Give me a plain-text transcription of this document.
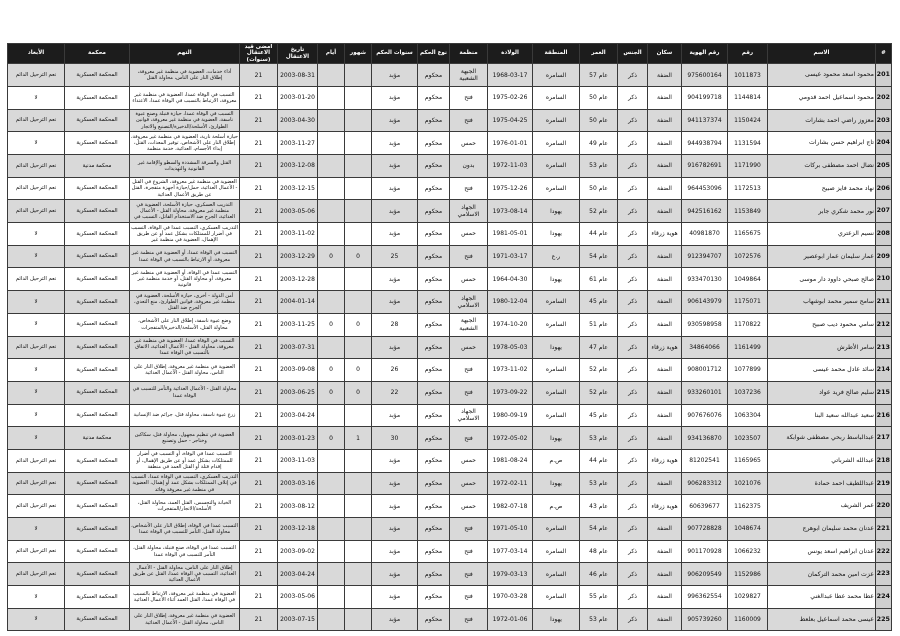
#	الاسم	رقم	رقم الهوية	سكان	الجنس	العمر	المنطقة	الولادة	منظمة	نوع الحكم	سنوات الحكم	شهور	أيام	تاريخ الاعتقال	أمضى قيد الاعتقال (سنوات)	التهم	محكمة	الأبعاد
201	محمود اسعد محمود عيسى	1011873	975600164	الضفة	ذكر	عام 57	السامره	1968-03-17	الجبهة الشعبية	محكوم	مؤبد			2003-08-31	21	أداء خدمات، العضوية في منظمة غير معروفة، إطلاق النار على الناس، محاولة القتل	المحكمة العسكرية	نعم الترحيل الدائم
202	محمود اسماعيل احمد قدومي	1144814	904199718	الضفة	ذكر	عام 50	السامره	1975-02-26	فتح	محكوم	مؤبد			2003-01-20	21	التسبب في الوفاة عمدا، العضوية في منظمة غير معروفة، الارتباط بالتسبب في الوفاة عمدا، الاعتداء	المحكمة العسكرية	لا
203	معزوز راضي احمد بشارات	1150424	941137374	الضفة	ذكر	عام 50	السامره	1975-04-25	فتح	محكوم	مؤبد			2003-04-30	21	التسبب في الوفاة عمدا، حيازة قنبلة وصنع عبوة ناسفة، العضوية في منظمة غير معروفة، قوانين الطوارئ، الأسلحة/الذخيرة/التصنيع والاتجار	المحكمة العسكرية	نعم الترحيل الدائم
204	تاج ابراهيم حسن بشارات	1131594	944938794	الضفة	ذكر	عام 49	السامره	1976-01-01	حمس	محكوم	مؤبد			2003-11-27	21	حيازة أسلحة نارية، العضوية في منظمة غير معروفة، إطلاق النار على الأشخاص، توفير المعدات، القتل، إيذاء الأجسام، العدائية، خدمة منظمة	المحكمة العسكرية	لا
205	نضال احمد مصطفى بركات	1171990	916782691	الضفة	ذكر	عام 53	السامره	1972-11-03	بدون	محكوم	مؤبد			2003-12-08	21	القتل والسرقة المشددة والسطو والإقامة غير القانونية والتهديدات	محكمة مدنية	نعم الترحيل الدائم
206	نهاد محمد فايز صبيح	1172513	964453096	الضفة	ذكر	عام 50	السامره	1975-12-26	فتح	محكوم	مؤبد			2003-12-15	21	العضوية في منظمة غير معروفة، الشروع في القتل - الأعمال العدائية، حمل/حيازة أجهزة متفجرة، القتل عن طريق الأعمال العدائية	المحكمة العسكرية	نعم الترحيل الدائم
207	نور محمد شكري جابر	1153849	942516162	الضفة	ذكر	عام 52	يهودا	1973-08-14	الجهاد الاسلامي	محكوم	مؤبد			2003-05-06	21	التدريب العسكري، حيازة الأسلحة، العضوية في منظمة غير معروفة، محاولة القتل - الأعمال العدائية، الجرح ضد الاستخدام القاتل، التسبب في	المحكمة العسكرية	نعم الترحيل الدائم
208	نسيم الزعتري	1165675	40981870	هوية زرقاء	ذكر	عام 44	يهودا	1981-05-01	حمس	محكوم	مؤبد			2003-11-02	21	التدريب العسكري، التسبب عمدا في الوفاة، التسبب في أضرار للممتلكات بشكل عمد أو عن طريق الإهمال، العضوية في منظمة غير	المحكمة العسكرية	لا
209	عمار سليمان عمار ابوعصير	1072576	912394707	الضفة	ذكر	عام 54	ر.ع	1971-03-17	فتح	محكوم	25	0	0	2003-12-29	21	التسبب في الوفاة عمدا، أو العضوية في منظمة غير معروفة، أو الارتباط بالتسبب في الوفاة عمدا	المحكمة العسكرية	لا
210	صالح صبحي داوود دار موسى	1049864	933470130	الضفة	ذكر	عام 61	يهودا	1964-04-30	حمس	محكوم	مؤبد			2003-12-28	21	التسبب عمدا في الوفاة، أو العضوية في منظمة غير معروفة، أو محاولة القتل، أو خدمة منظمة غير قانونية	المحكمة العسكرية	نعم الترحيل الدائم
211	سامح سمير محمد ابوشهاب	1175071	906143979	الضفة	ذكر	عام 45	السامره	1980-12-04	الجهاد الاسلامي	محكوم	مؤبد			2004-01-14	21	أمن الدولة - أخرى، حيازة الأسلحة، العضوية في منظمة غير معروفة، قوانين الطوارئ، منع التعدي، الجرح ضد القتل	المحكمة العسكرية	لا
212	سامي محمود ديب صبيح	1170822	930598958	الضفة	ذكر	عام 51	السامره	1974-10-20	الجبهة الشعبية	محكوم	28	0	0	2003-11-25	21	وضع عبوة ناسفة، إطلاق النار على الأشخاص، محاولة القتل، الأسلحة/الذخيرة/المتفجرات	المحكمة العسكرية	لا
213	سامر الأطرش	1161499	34864066	هوية زرقاء	ذكر	عام 47	يهودا	1978-05-03	حمس	محكوم	مؤبد			2003-07-31	21	التسبب في الوفاة عمدا، العضوية في منظمة غير معروفة، محاولة القتل - الأعمال العدائية، الاتفاق بالتسبب في الوفاة عمدا	المحكمة العسكرية	نعم الترحيل الدائم
214	سائد عادل محمد عيسى	1077899	908001712	الضفة	ذكر	عام 52	السامره	1973-11-02	فتح	محكوم	26	0	0	2003-09-08	21	العضوية في منظمة غير معروفة، إطلاق النار على الناس، محاولة القتل - الأعمال العدائية	المحكمة العسكرية	لا
215	سليم صالح فريد عواد	1037236	933260101	الضفة	ذكر	عام 52	السامره	1973-09-22	فتح	محكوم	22	0	0	2003-06-25	21	محاولة القتل - الأعمال العدائية والتآمر للتسبب في الوفاة عمدا	المحكمة العسكرية	لا
216	سعيد عبدالله سعيد البنا	1063304	907676076	الضفة	ذكر	عام 45	السامره	1980-09-19	الجهاد الاسلامي	محكوم	مؤبد			2003-04-24	21	زرع عبوة ناسفة، محاولة قتل، جرائم ضد الإنسانية	المحكمة العسكرية	لا
217	عبدالباسط ربحي مصطفى شوابكة	1023507	934136870	الضفة	ذكر	عام 53	يهودا	1972-05-02	فتح	محكوم	30	1	0	2003-01-23	21	العضوية في تنظيم مجهول، محاولة قتل، سكاكين وخناجر - حمل وتصنيع	محكمة مدنية	لا
218	عبدالله الشرباتي	1165965	81202541	هوية زرقاء	ذكر	عام 44	ص.م	1981-08-24	حمس	محكوم	مؤبد			2003-11-03	21	التسبب عمدا في الوفاة، أو التسبب في أضرار للممتلكات بشكل عمد أو عن طريق الإهمال، أو إقدام قتلة أو القتل العمد في منطقة	المحكمة العسكرية	نعم الترحيل الدائم
219	عبداللطيف احمد حمادة	1021076	906283312	الضفة	ذكر	عام 53	يهودا	1972-02-11	حمس	محكوم	مؤبد			2003-03-16	21	التدريب العسكري، التسبب في الوفاة عمدا، التسبب في إتلاف الممتلكات بشكل عمد أو إهمال، العضوية في منظمة غير معروفة وقائد	المحكمة العسكرية	نعم الترحيل الدائم
220	عمر الشريف	1162375	60639677	هوية زرقاء	ذكر	عام 43	ص.م	1982-07-18	حمس	محكوم	مؤبد			2003-08-12	21	الخيانة والتجسس، القتل العمد، محاولة القتل، الأسلحة/الاتجار/المتفجرات	المحكمة العسكرية	نعم الترحيل الدائم
221	عدنان محمد سليمان ابوهرج	1048674	907728828	الضفة	ذكر	عام 54	السامره	1971-05-10	فتح	محكوم	مؤبد			2003-12-18	21	التسبب عمدا في الوفاة، إطلاق النار على الأشخاص، محاولة القتل، التآمر للتسبب في الوفاة عمدا	المحكمة العسكرية	لا
222	عدنان ابراهيم اسعد يونس	1066232	901170928	الضفة	ذكر	عام 48	السامره	1977-03-14	فتح	محكوم	مؤبد			2003-09-02	21	التسبب عمدا في الوفاة، صنع قنبلة، محاولة القتل، التآمر للتسبب في الوفاة عمدا	المحكمة العسكرية	نعم الترحيل الدائم
223	عزت امين محمد التركمان	1152986	906209549	الضفة	ذكر	عام 46	السامره	1979-03-13	فتح	محكوم	مؤبد			2003-04-24	21	إطلاق النار على الناس، محاولة القتل - الأعمال العدائية، التسبب في الوفاة عمدا، القتل عن طريق الأعمال العدائية	المحكمة العسكرية	نعم الترحيل الدائم
224	عطا محمد عطا عبدالغني	1029827	996362554	الضفة	ذكر	عام 55	السامره	1970-03-28	فتح	محكوم	مؤبد			2003-05-06	21	العضوية في منظمة غير معروفة، الارتباط بالتسبب في الوفاة عمدا، القتل العمد أثناء الأعمال العدائية	المحكمة العسكرية	لا
225	عيسى محمد اسماعيل بعلعط	1160009	905739260	الضفة	ذكر	عام 53	يهودا	1972-01-06	فتح	محكوم	مؤبد			2003-07-15	21	العضوية في منظمة غير معروفة، إطلاق النار على الناس، محاولة القتل - الأعمال العدائية	المحكمة العسكرية	لا
